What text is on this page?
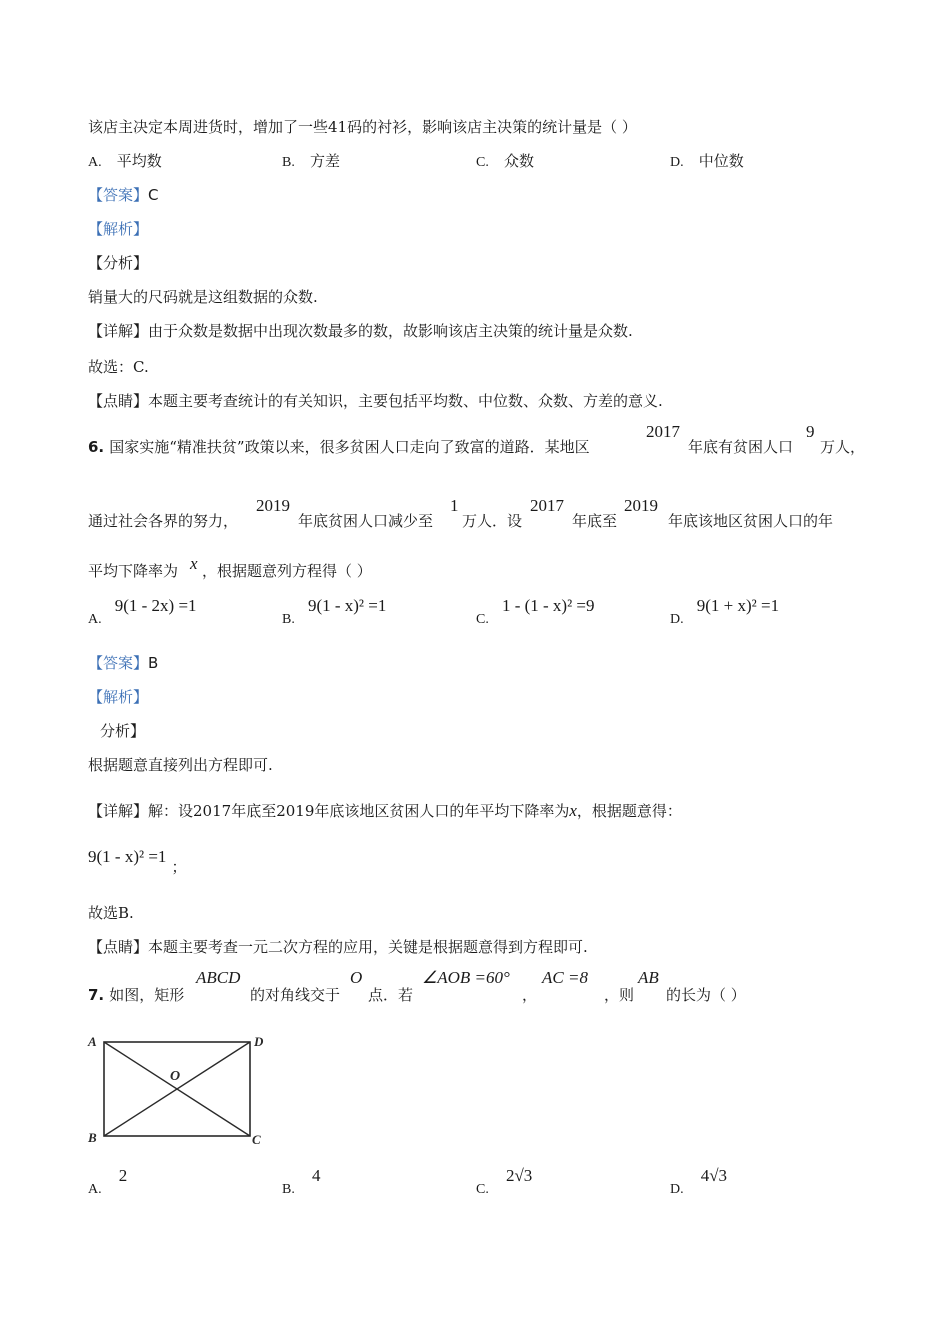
该店主决定本周进货时，增加了一些41码的衬衫，影响该店主决策的统计量是（ ）
A. 平均数	B. 方差	C. 众数	D. 中位数
【答案】C
【解析】
【分析】
销量大的尺码就是这组数据的众数.
【详解】由于众数是数据中出现次数最多的数，故影响该店主决策的统计量是众数.
故选：C.
【点睛】本题主要考查统计的有关知识，主要包括平均数、中位数、众数、方差的意义.
6. 国家实施“精准扶贫”政策以来，很多贫困人口走向了致富的道路．某地区
2017
年底有贫困人口
9
万人，
通过社会各界的努力，
2019
年底贫困人口减少至
1
万人．设
2017
年底至
2019
年底该地区贫困人口的年
平均下降率为 x ，根据题意列方程得（ ）
A. 9(1 - 2x) =1
B. 9(1 - x)² =1
C. 1 - (1 - x)² =9
D. 9(1 + x)² =1
【答案】B
【解析】
分析】
根据题意直接列出方程即可.
【详解】解：设2017年底至2019年底该地区贫困人口的年平均下降率为x，根据题意得：
9(1 - x)² =1 ；
故选B.
【点睛】本题主要考查一元二次方程的应用，关键是根据题意得到方程即可.
7. 如图，矩形
ABCD
的对角线交于
O
点．若
∠AOB =60°
，
AC =8
，则
AB
的长为（ ）
A	D
B	C
O
A. 2
B. 4
C. 2√3
D. 4√3
